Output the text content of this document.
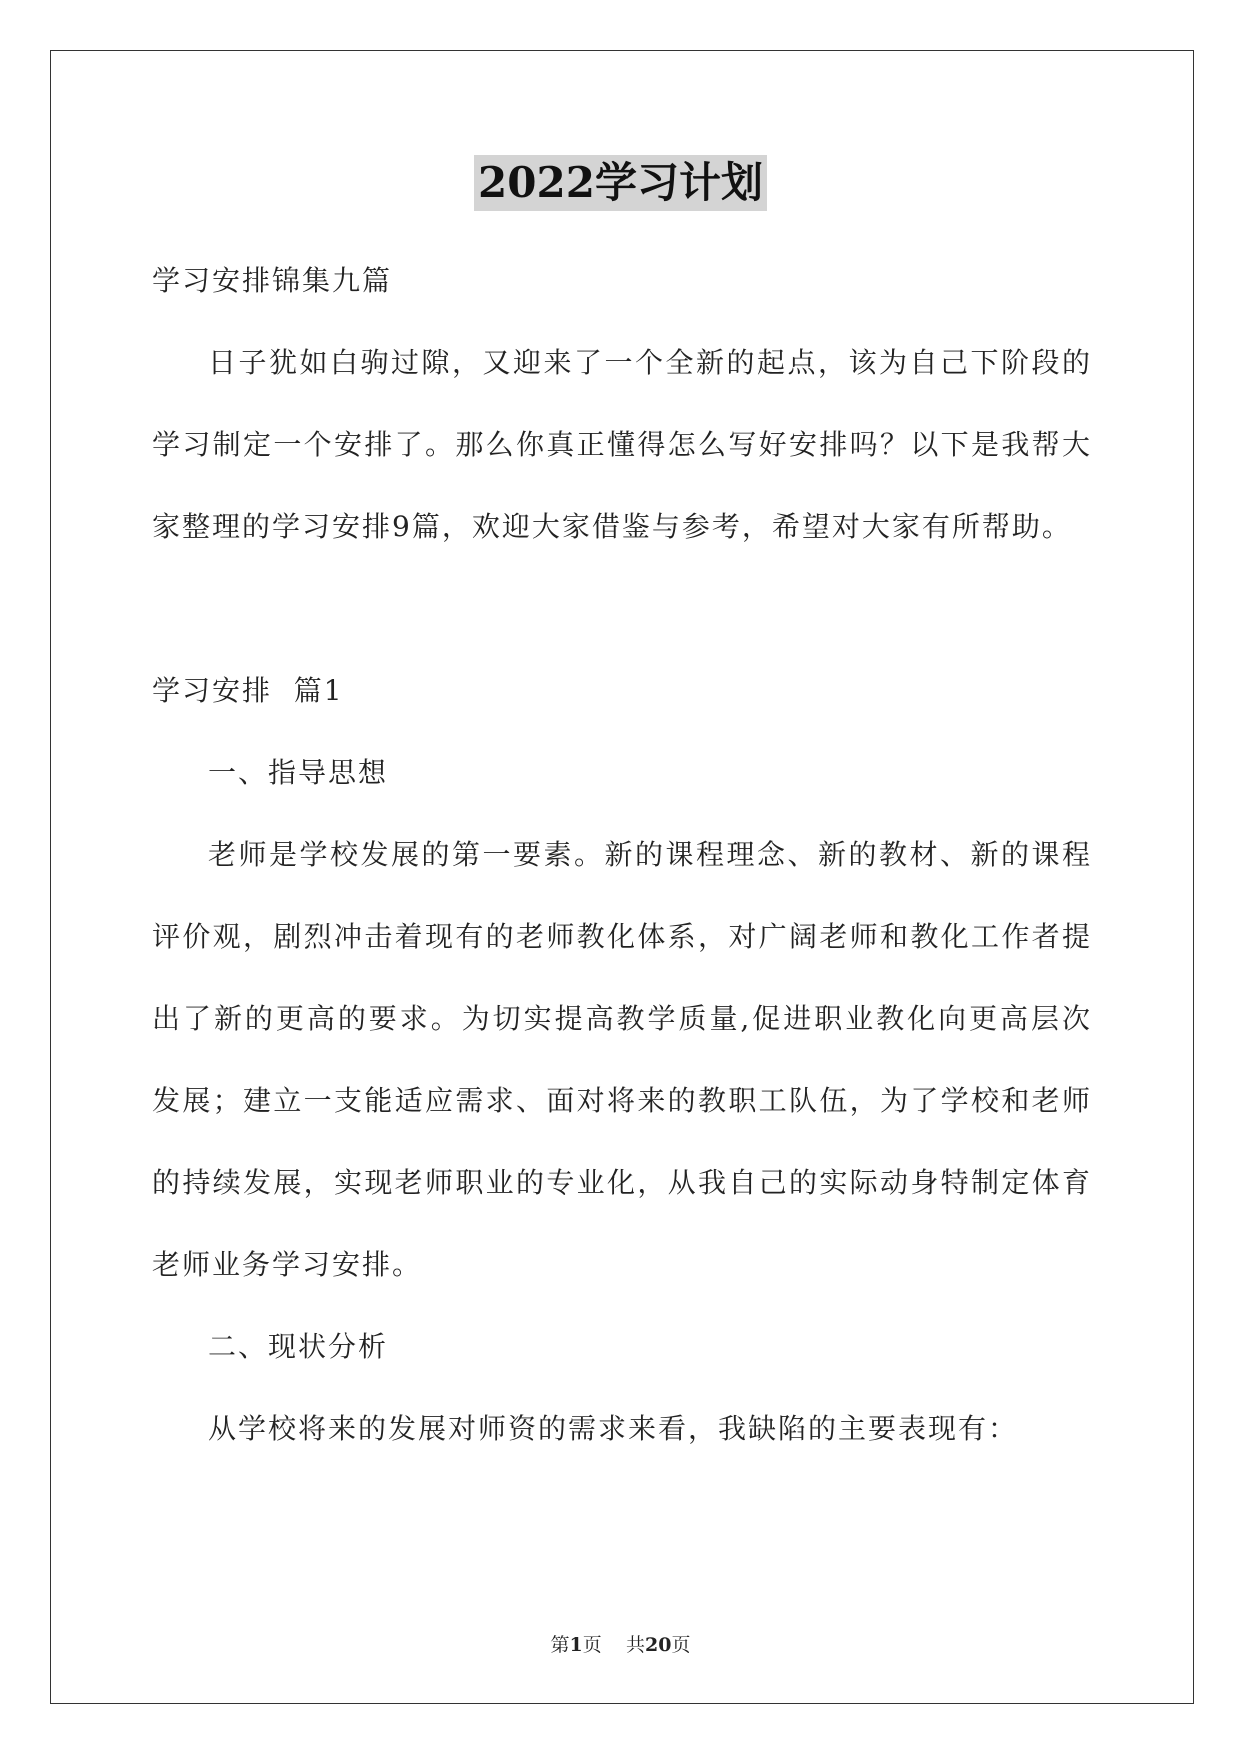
2022学习计划

学习安排锦集九篇

日子犹如白驹过隙，又迎来了一个全新的起点，该为自己下阶段的学习制定一个安排了。那么你真正懂得怎么写好安排吗？以下是我帮大家整理的学习安排9篇，欢迎大家借鉴与参考，希望对大家有所帮助。

学习安排  篇1

一、指导思想

老师是学校发展的第一要素。新的课程理念、新的教材、新的课程评价观，剧烈冲击着现有的老师教化体系，对广阔老师和教化工作者提出了新的更高的要求。为切实提高教学质量,促进职业教化向更高层次发展；建立一支能适应需求、面对将来的教职工队伍，为了学校和老师的持续发展，实现老师职业的专业化，从我自己的实际动身特制定体育老师业务学习安排。

二、现状分析

从学校将来的发展对师资的需求来看，我缺陷的主要表现有：

第1页 共20页
